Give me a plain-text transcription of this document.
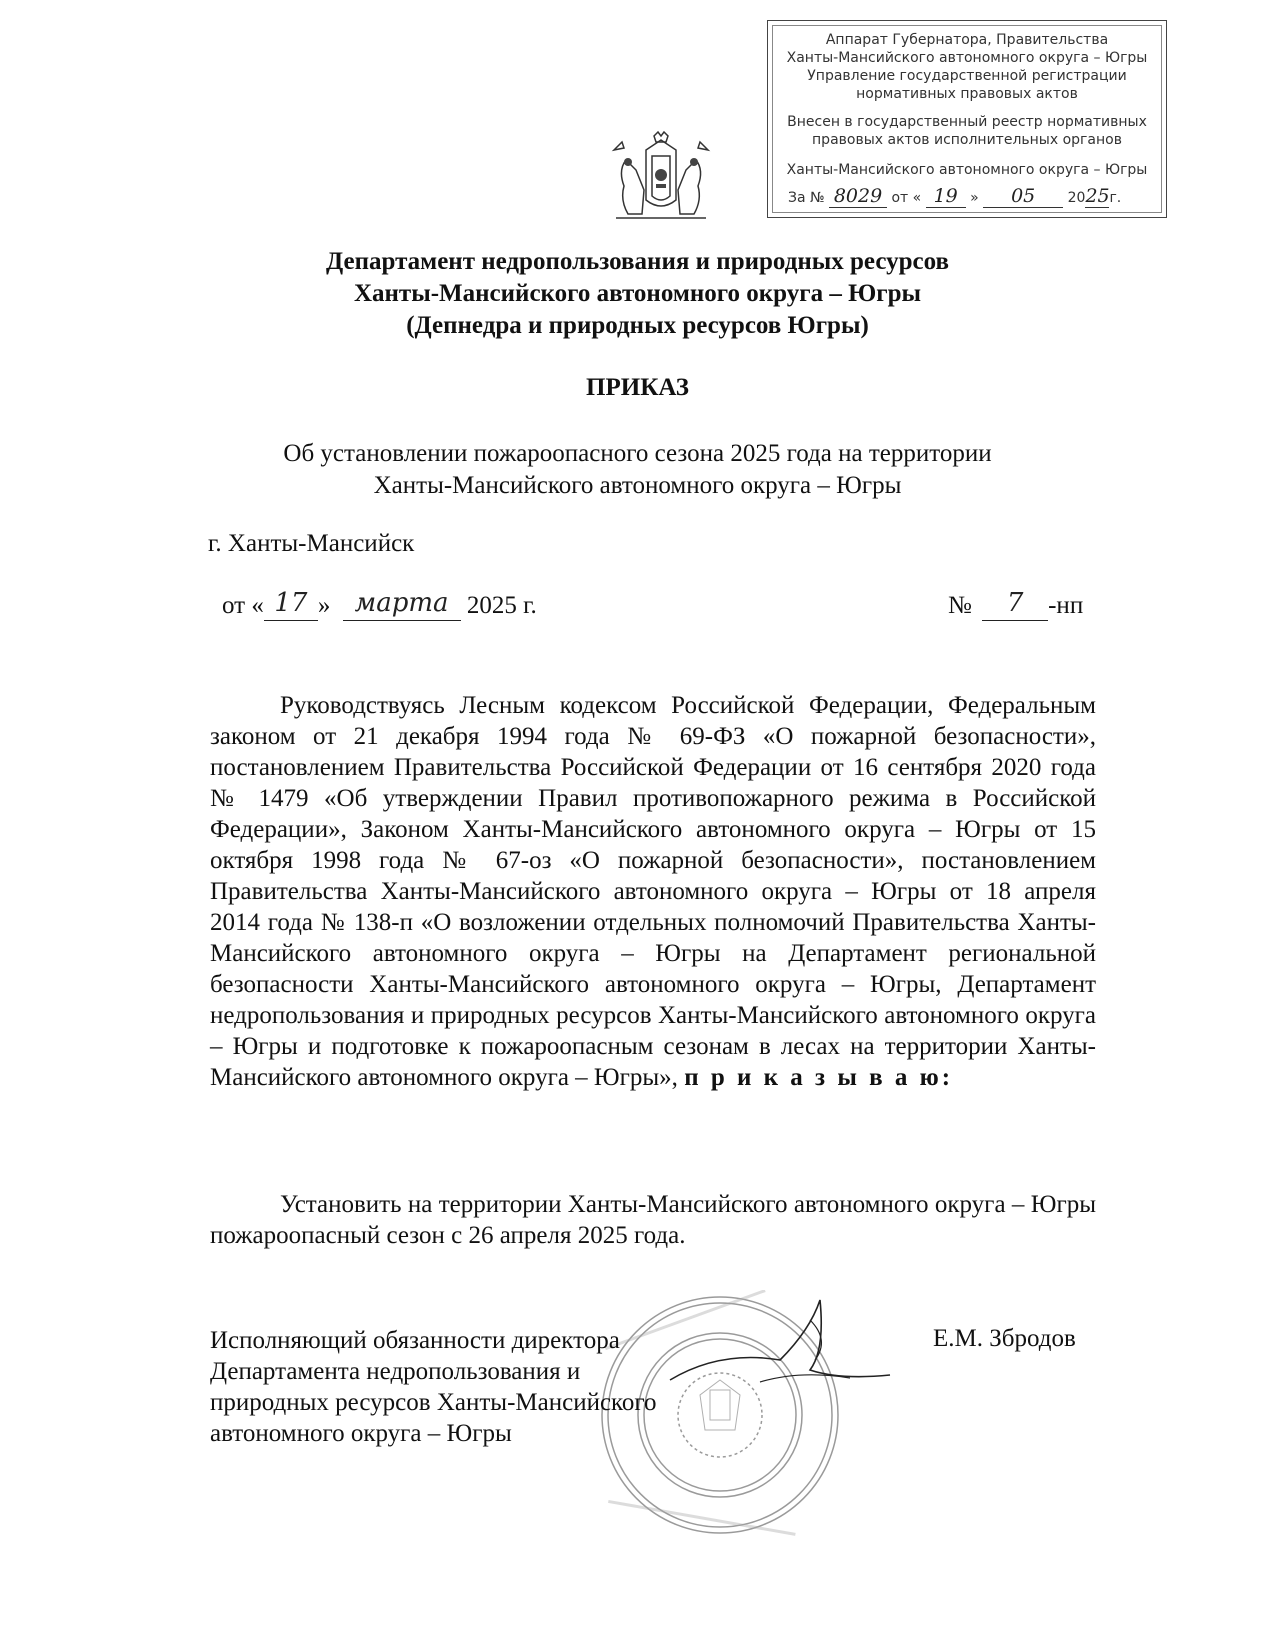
Аппарат Губернатора, Правительства
Ханты-Мансийского автономного округа – Югры
Управление государственной регистрации
нормативных правовых актов
Внесен в государственный реестр нормативных
правовых актов исполнительных органов
Ханты-Мансийского автономного округа – Югры
За № 8029 от « 19 » 05 2025г.
Департамент недропользования и природных ресурсов
Ханты-Мансийского автономного округа – Югры
(Депнедра и природных ресурсов Югры)
ПРИКАЗ
Об установлении пожароопасного сезона 2025 года на территории
Ханты-Мансийского автономного округа – Югры
г. Ханты-Мансийск
от « 17 » марта 2025 г.	№ 7 -нп
Руководствуясь Лесным кодексом Российской Федерации, Федеральным законом от 21 декабря 1994 года № 69-ФЗ «О пожарной безопасности», постановлением Правительства Российской Федерации от 16 сентября 2020 года № 1479 «Об утверждении Правил противопожарного режима в Российской Федерации», Законом Ханты-Мансийского автономного округа – Югры от 15 октября 1998 года № 67-оз «О пожарной безопасности», постановлением Правительства Ханты-Мансийского автономного округа – Югры от 18 апреля 2014 года № 138-п «О возложении отдельных полномочий Правительства Ханты-Мансийского автономного округа – Югры на Департамент региональной безопасности Ханты-Мансийского автономного округа – Югры, Департамент недропользования и природных ресурсов Ханты-Мансийского автономного округа – Югры и подготовке к пожароопасным сезонам в лесах на территории Ханты-Мансийского автономного округа – Югры», п р и к а з ы в а ю:
Установить на территории Ханты-Мансийского автономного округа – Югры пожароопасный сезон с 26 апреля 2025 года.
Исполняющий обязанности директора
Департамента недропользования и
природных ресурсов Ханты-Мансийского
автономного округа – Югры
Е.М. Збродов
